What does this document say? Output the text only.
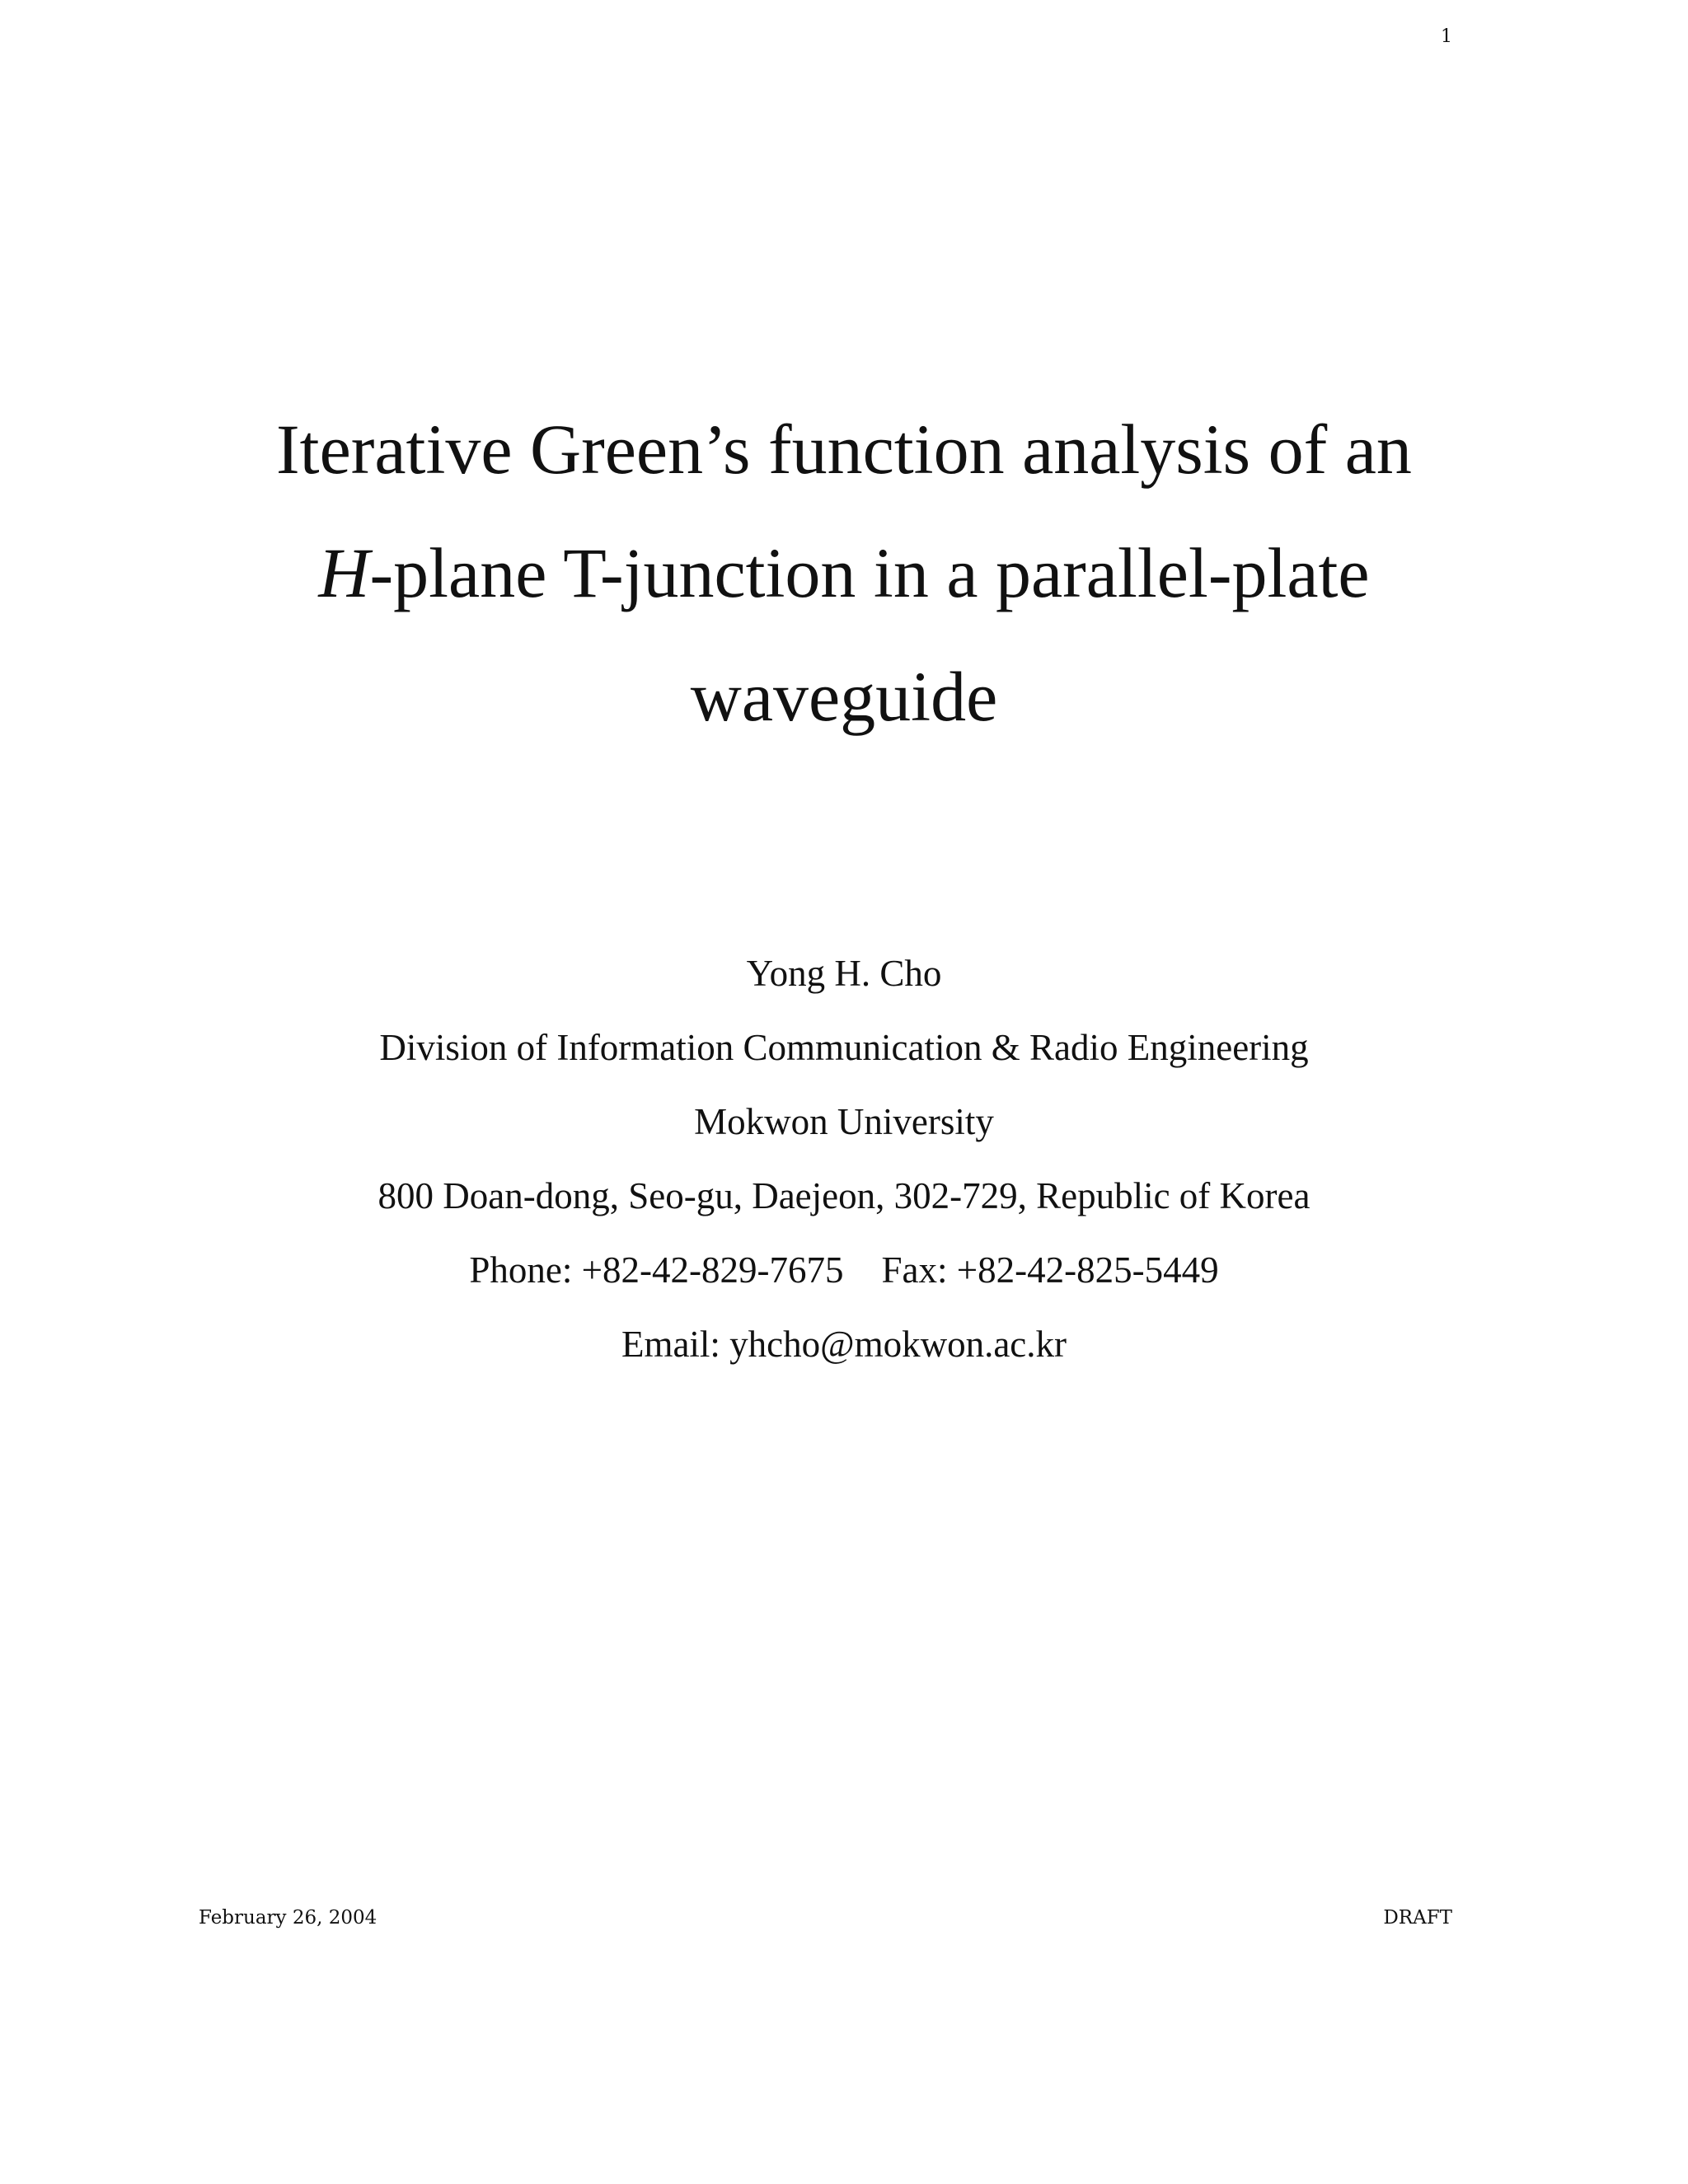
1
Iterative Green’s function analysis of an
H-plane T-junction in a parallel-plate
waveguide
Yong H. Cho
Division of Information Communication & Radio Engineering
Mokwon University
800 Doan-dong, Seo-gu, Daejeon, 302-729, Republic of Korea
Phone: +82-42-829-7675 Fax: +82-42-825-5449
Email: yhcho@mokwon.ac.kr
February 26, 2004	DRAFT
